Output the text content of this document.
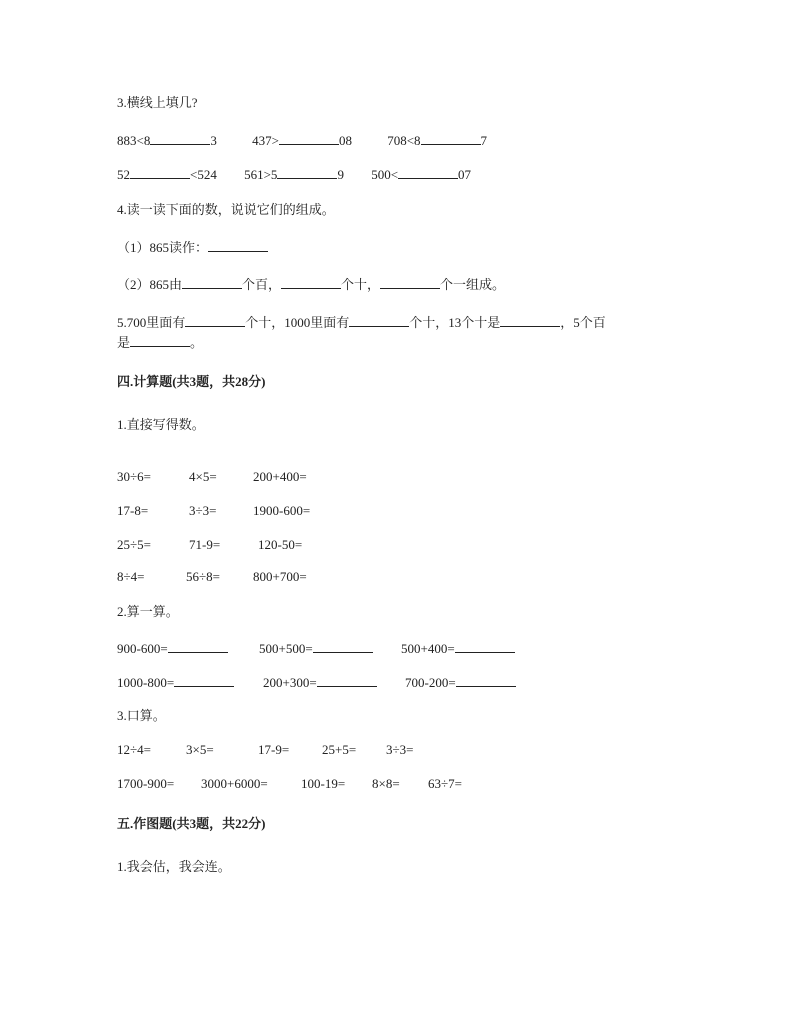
3.横线上填几?
883<8	3	437>	08	708<8	7
52	<524 561>5	9 500<	07
4.读一读下面的数，说说它们的组成。
（1）865读作：
（2）865由	个百，	个十，	个一组成。
5.700里面有	个十，1000里面有	个十，13个十是	，5个百
是	。
四.计算题(共3题，共28分)
1.直接写得数。
30÷6=	4×5=	200+400=
17-8=	3÷3=	1900-600=
25÷5=	71-9=	120-50=
8÷4=	56÷8=	800+700=
2.算一算。
900-600=	500+500=	500+400=
1000-800=	200+300=	700-200=
3.口算。
12÷4=	3×5=	17-9=	25+5= 3÷3=
1700-900= 3000+6000=	100-19= 8×8= 63÷7=
五.作图题(共3题，共22分)
1.我会估，我会连。
